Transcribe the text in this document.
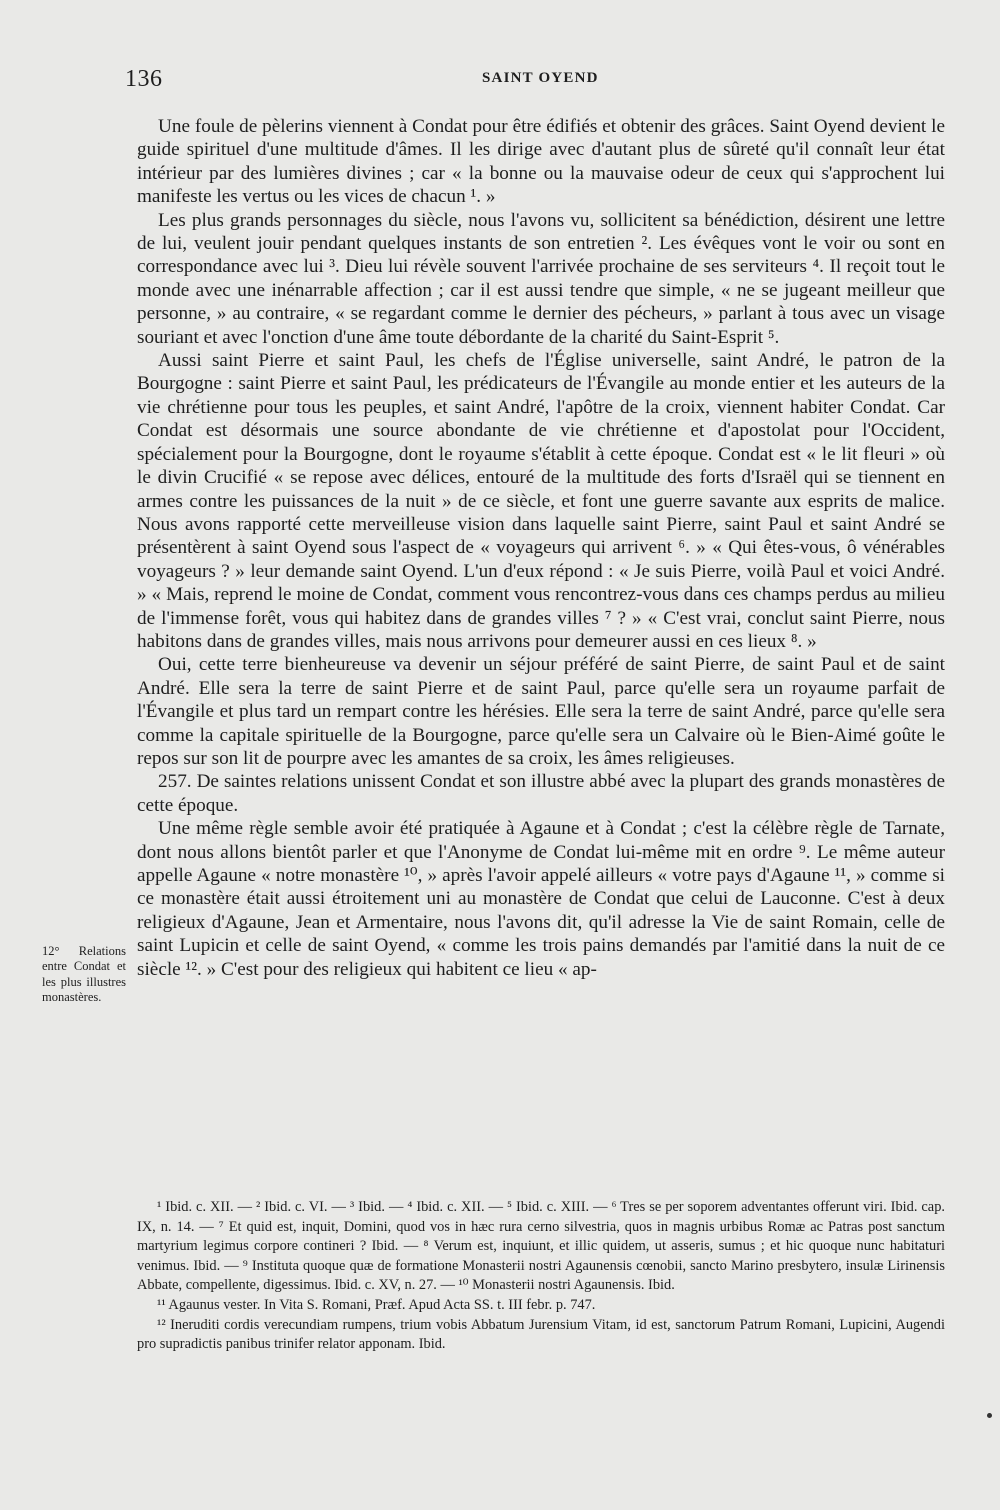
136	SAINT OYEND

Une foule de pèlerins viennent à Condat pour être édifiés et obtenir des grâces. Saint Oyend devient le guide spirituel d'une multitude d'âmes. Il les dirige avec d'autant plus de sûreté qu'il connaît leur état intérieur par des lumières divines ; car « la bonne ou la mauvaise odeur de ceux qui s'approchent lui manifeste les vertus ou les vices de chacun ¹. »

Les plus grands personnages du siècle, nous l'avons vu, sollicitent sa bénédiction, désirent une lettre de lui, veulent jouir pendant quelques instants de son entretien ². Les évêques vont le voir ou sont en correspondance avec lui ³. Dieu lui révèle souvent l'arrivée prochaine de ses serviteurs ⁴. Il reçoit tout le monde avec une inénarrable affection ; car il est aussi tendre que simple, « ne se jugeant meilleur que personne, » au contraire, « se regardant comme le dernier des pécheurs, » parlant à tous avec un visage souriant et avec l'onction d'une âme toute débordante de la charité du Saint-Esprit ⁵.

Aussi saint Pierre et saint Paul, les chefs de l'Église universelle, saint André, le patron de la Bourgogne : saint Pierre et saint Paul, les prédicateurs de l'Évangile au monde entier et les auteurs de la vie chrétienne pour tous les peuples, et saint André, l'apôtre de la croix, viennent habiter Condat. Car Condat est désormais une source abondante de vie chrétienne et d'apostolat pour l'Occident, spécialement pour la Bourgogne, dont le royaume s'établit à cette époque. Condat est « le lit fleuri » où le divin Crucifié « se repose avec délices, entouré de la multitude des forts d'Israël qui se tiennent en armes contre les puissances de la nuit » de ce siècle, et font une guerre savante aux esprits de malice. Nous avons rapporté cette merveilleuse vision dans laquelle saint Pierre, saint Paul et saint André se présentèrent à saint Oyend sous l'aspect de « voyageurs qui arrivent ⁶. » « Qui êtes-vous, ô vénérables voyageurs ? » leur demande saint Oyend. L'un d'eux répond : « Je suis Pierre, voilà Paul et voici André. » « Mais, reprend le moine de Condat, comment vous rencontrez-vous dans ces champs perdus au milieu de l'immense forêt, vous qui habitez dans de grandes villes ⁷ ? » « C'est vrai, conclut saint Pierre, nous habitons dans de grandes villes, mais nous arrivons pour demeurer aussi en ces lieux ⁸. »

Oui, cette terre bienheureuse va devenir un séjour préféré de saint Pierre, de saint Paul et de saint André. Elle sera la terre de saint Pierre et de saint Paul, parce qu'elle sera un royaume parfait de l'Évangile et plus tard un rempart contre les hérésies. Elle sera la terre de saint André, parce qu'elle sera comme la capitale spirituelle de la Bourgogne, parce qu'elle sera un Calvaire où le Bien-Aimé goûte le repos sur son lit de pourpre avec les amantes de sa croix, les âmes religieuses.

257. De saintes relations unissent Condat et son illustre abbé avec la plupart des grands monastères de cette époque.

Une même règle semble avoir été pratiquée à Agaune et à Condat ; c'est la célèbre règle de Tarnate, dont nous allons bientôt parler et que l'Anonyme de Condat lui-même mit en ordre ⁹. Le même auteur appelle Agaune « notre monastère ¹⁰, » après l'avoir appelé ailleurs « votre pays d'Agaune ¹¹, » comme si ce monastère était aussi étroitement uni au monastère de Condat que celui de Lauconne. C'est à deux religieux d'Agaune, Jean et Armentaire, nous l'avons dit, qu'il adresse la Vie de saint Romain, celle de saint Lupicin et celle de saint Oyend, « comme les trois pains demandés par l'amitié dans la nuit de ce siècle ¹². » C'est pour des religieux qui habitent ce lieu « ap-

12° Relations entre Condat et les plus illustres monastères.

¹ Ibid. c. XII. — ² Ibid. c. VI. — ³ Ibid. — ⁴ Ibid. c. XII. — ⁵ Ibid. c. XIII. — ⁶ Tres se per soporem adventantes offerunt viri. Ibid. cap. IX, n. 14. — ⁷ Et quid est, inquit, Domini, quod vos in hæc rura cerno silvestria, quos in magnis urbibus Romæ ac Patras post sanctum martyrium legimus corpore contineri ? Ibid. — ⁸ Verum est, inquiunt, et illic quidem, ut asseris, sumus ; et hic quoque nunc habitaturi venimus. Ibid. — ⁹ Instituta quoque quæ de formatione Monasterii nostri Agaunensis cœnobii, sancto Marino presbytero, insulæ Lirinensis Abbate, compellente, digessimus. Ibid. c. XV, n. 27. — ¹⁰ Monasterii nostri Agaunensis. Ibid.

¹¹ Agaunus vester. In Vita S. Romani, Præf. Apud Acta SS. t. III febr. p. 747.

¹² Ineruditi cordis verecundiam rumpens, trium vobis Abbatum Jurensium Vitam, id est, sanctorum Patrum Romani, Lupicini, Augendi pro supradictis panibus trinifer relator apponam. Ibid.
